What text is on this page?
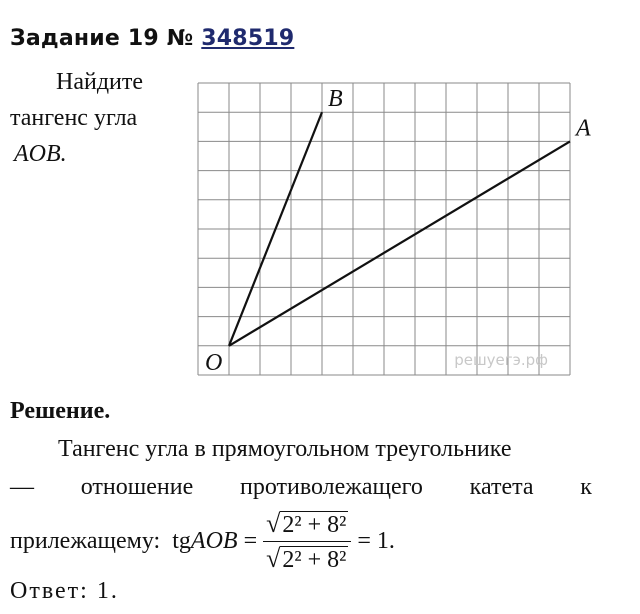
Задание 19 № 348519
Найдите
тангенс угла
AOB.
O
A
B
решуегэ.рф
Решение.
Тангенс угла в прямоугольном треугольнике
— отношение противолежащего катета к
прилежащему: tg AOB = $\frac{\text{√2² + 8²}}{\text{√2² + 8²}} = 1$.
Ответ: 1.
